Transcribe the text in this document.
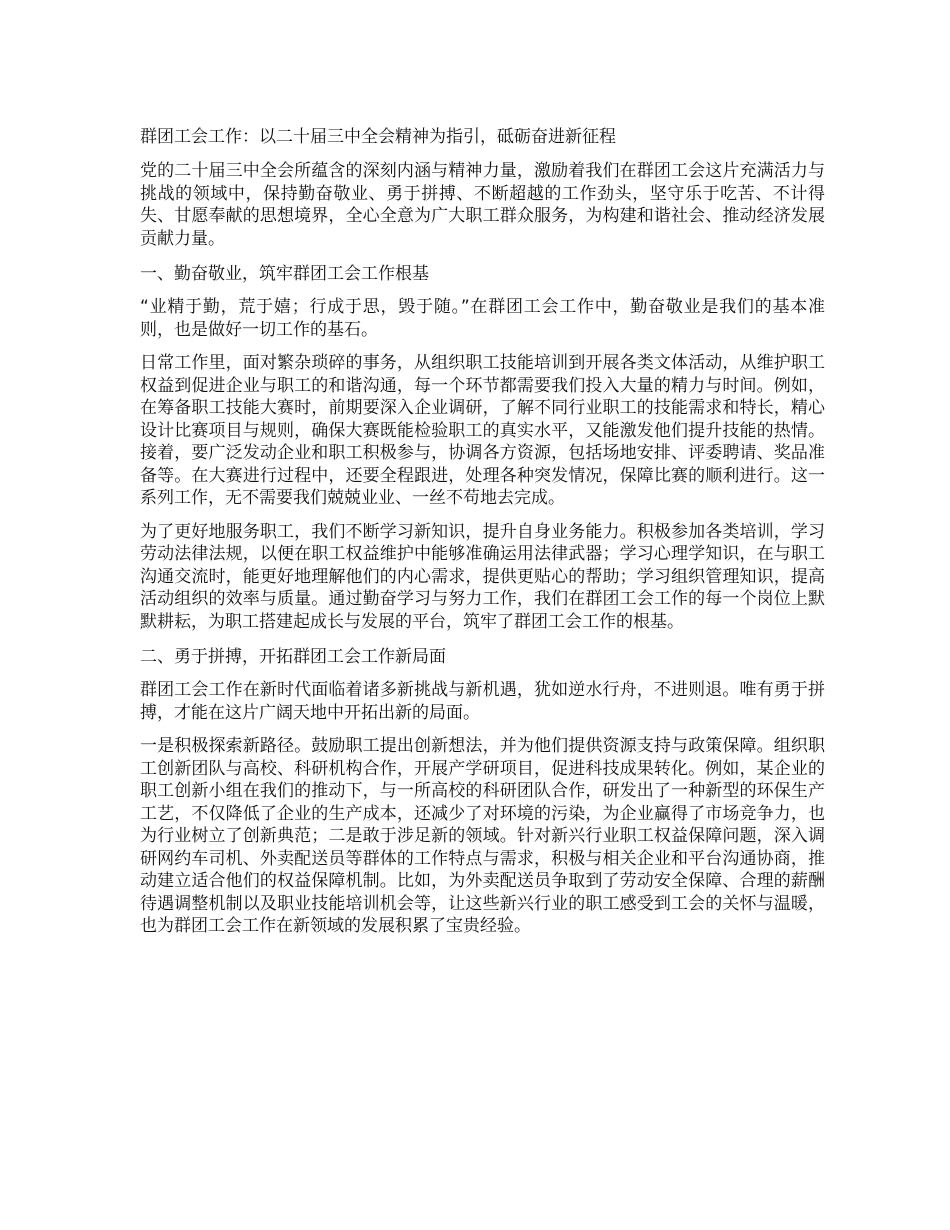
群团工会工作：以二十届三中全会精神为指引，砥砺奋进新征程

党的二十届三中全会所蕴含的深刻内涵与精神力量，激励着我们在群团工会这片充满活力与挑战的领域中，保持勤奋敬业、勇于拼搏、不断超越的工作劲头，坚守乐于吃苦、不计得失、甘愿奉献的思想境界，全心全意为广大职工群众服务，为构建和谐社会、推动经济发展贡献力量。

一、勤奋敬业，筑牢群团工会工作根基

“业精于勤，荒于嬉；行成于思，毁于随。”在群团工会工作中，勤奋敬业是我们的基本准则，也是做好一切工作的基石。

日常工作里，面对繁杂琐碎的事务，从组织职工技能培训到开展各类文体活动，从维护职工权益到促进企业与职工的和谐沟通，每一个环节都需要我们投入大量的精力与时间。例如，在筹备职工技能大赛时，前期要深入企业调研，了解不同行业职工的技能需求和特长，精心设计比赛项目与规则，确保大赛既能检验职工的真实水平，又能激发他们提升技能的热情。接着，要广泛发动企业和职工积极参与，协调各方资源，包括场地安排、评委聘请、奖品准备等。在大赛进行过程中，还要全程跟进，处理各种突发情况，保障比赛的顺利进行。这一系列工作，无不需要我们兢兢业业、一丝不苟地去完成。

为了更好地服务职工，我们不断学习新知识，提升自身业务能力。积极参加各类培训，学习劳动法律法规，以便在职工权益维护中能够准确运用法律武器；学习心理学知识，在与职工沟通交流时，能更好地理解他们的内心需求，提供更贴心的帮助；学习组织管理知识，提高活动组织的效率与质量。通过勤奋学习与努力工作，我们在群团工会工作的每一个岗位上默默耕耘，为职工搭建起成长与发展的平台，筑牢了群团工会工作的根基。

二、勇于拼搏，开拓群团工会工作新局面

群团工会工作在新时代面临着诸多新挑战与新机遇，犹如逆水行舟，不进则退。唯有勇于拼搏，才能在这片广阔天地中开拓出新的局面。

一是积极探索新路径。鼓励职工提出创新想法，并为他们提供资源支持与政策保障。组织职工创新团队与高校、科研机构合作，开展产学研项目，促进科技成果转化。例如，某企业的职工创新小组在我们的推动下，与一所高校的科研团队合作，研发出了一种新型的环保生产工艺，不仅降低了企业的生产成本，还减少了对环境的污染，为企业赢得了市场竞争力，也为行业树立了创新典范；二是敢于涉足新的领域。针对新兴行业职工权益保障问题，深入调研网约车司机、外卖配送员等群体的工作特点与需求，积极与相关企业和平台沟通协商，推动建立适合他们的权益保障机制。比如，为外卖配送员争取到了劳动安全保障、合理的薪酬待遇调整机制以及职业技能培训机会等，让这些新兴行业的职工感受到工会的关怀与温暖，也为群团工会工作在新领域的发展积累了宝贵经验。
